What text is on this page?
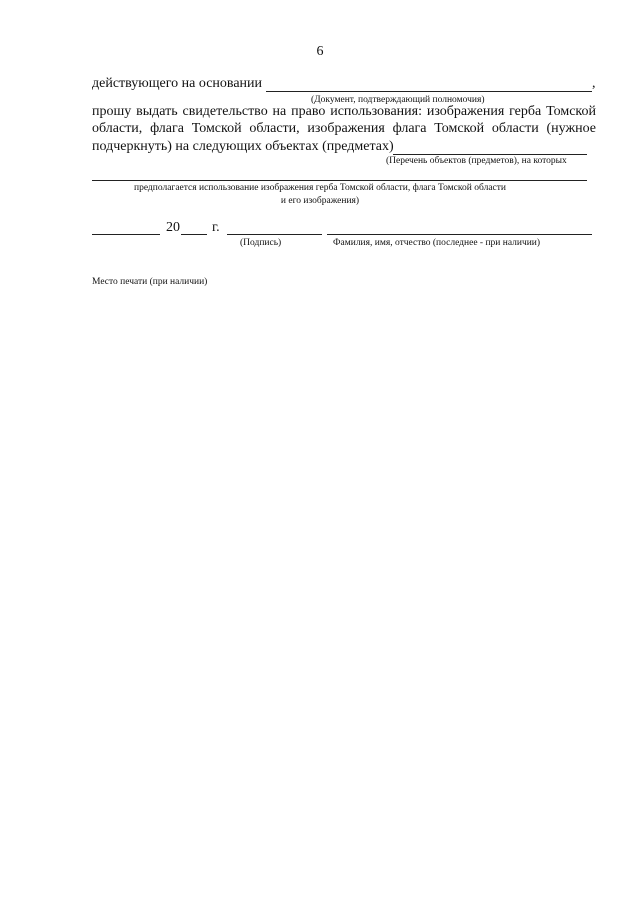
6
действующего на основании	,
(Документ, подтверждающий полномочия)
прошу выдать свидетельство на право использования: изображения герба Томской
области, флага Томской области, изображения флага Томской области (нужное
подчеркнуть) на следующих объектах (предметах)
(Перечень объектов (предметов), на которых
предполагается использование изображения герба Томской области, флага Томской области
и его изображения)
20 г.
(Подпись)	Фамилия, имя, отчество (последнее - при наличии)
Место печати (при наличии)
